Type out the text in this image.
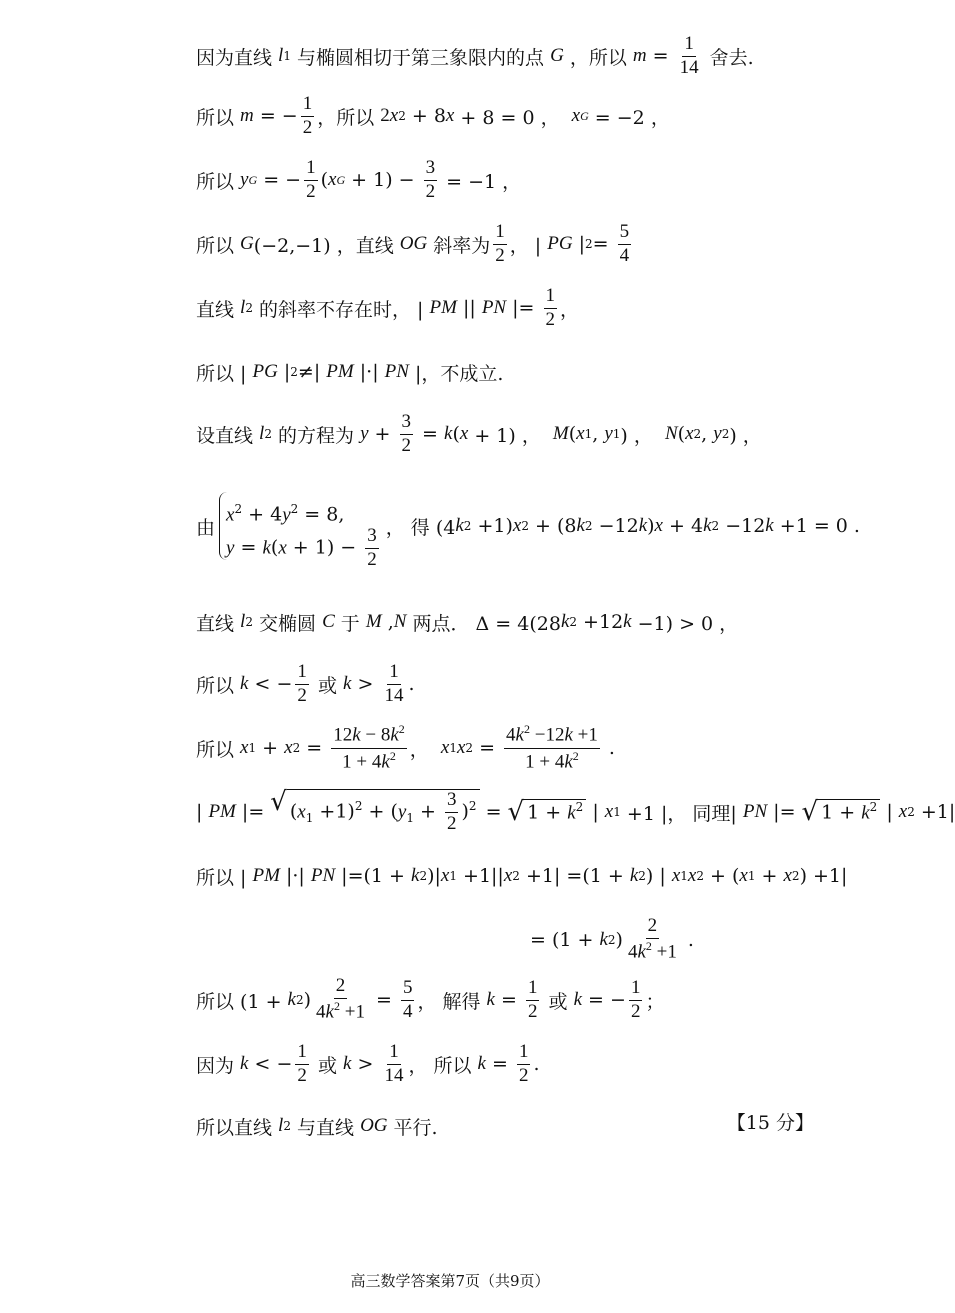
因为直线 l 1 与椭圆相切于第三象限内的点 G ，所以 $m = \frac{1}{14}$ 舍去.
所以 m = − $\frac{1}{2}$ ，所以 2 x 2 + 8 x + 8 = 0 ， x G = −2 ，
所以 y G = − $\frac{1}{2}$ ( x $G + 1) - \frac{3}{2} = -1$ ，
所以 G (−2,−1) ，直线 OG 斜率为 $\frac{1}{2}$ ， | PG | $2 = \frac{5}{4}$
直线 l 2 的斜率不存在时， | PM || PN |= $\frac{1}{2}$ ，
所以 | PG | 2 ≠| PM |·| PN |，不成立.
设直线 l 2 的方程为 $y + \frac{3}{2} = k$ ( x + 1) ， M ( x 1 , y 1 ) ， N ( x 2 , y 2 ) ，
由
$x^2 + 4y^2 = 8$,
$y = k(x + 1) - \frac{3}{2}$ ， 得 (4 k 2 +1) x 2 + (8 k 2 −12 k ) x + 4 k 2 −12 k +1 = 0 .
直线 l 2 交椭圆 C 于 M , N 两点． Δ = 4(28 k 2 +12 k −1) > 0 ，
所以 k < − $\frac{1}{2}$ 或 $k > \frac{1}{14}$ .
所以 x 1 + x $2 = \frac{12k - 8k^2}{1 + 4k^2}$ ， x 1 x $2 = \frac{4k^2 -12k +1}{1 + 4k^2}$ .
| PM |= √ $(x_1 +1)^2 + (y_1 + \frac{3}{2} )^2$ = √ $1 + k^2$ | x 1 +1 |， 同理| PN |= √ $1 + k^2$ | x 2 +1|
所以 | PM |·| PN |=(1 + k 2 )| x 1 +1|| x 2 +1| =(1 + k 2 ) | x 1 x 2 + ( x 1 + x 2 ) +1|
= (1 + k 2 ) $\frac{2}{4k^2 +1}$ .
所以 (1 + k 2 ) $\frac{2}{4k^2 +1} = \frac{5}{4}$ ， 解得 $k = \frac{1}{2}$ 或 k = − $\frac{1}{2}$ ；
因为 k < − $\frac{1}{2}$ 或 $k > \frac{1}{14}$ ， 所以 $k = \frac{1}{2}$ .
所以直线 l 2 与直线 OG 平行.	【15 分】
高三数学答案第7页（共9页）
